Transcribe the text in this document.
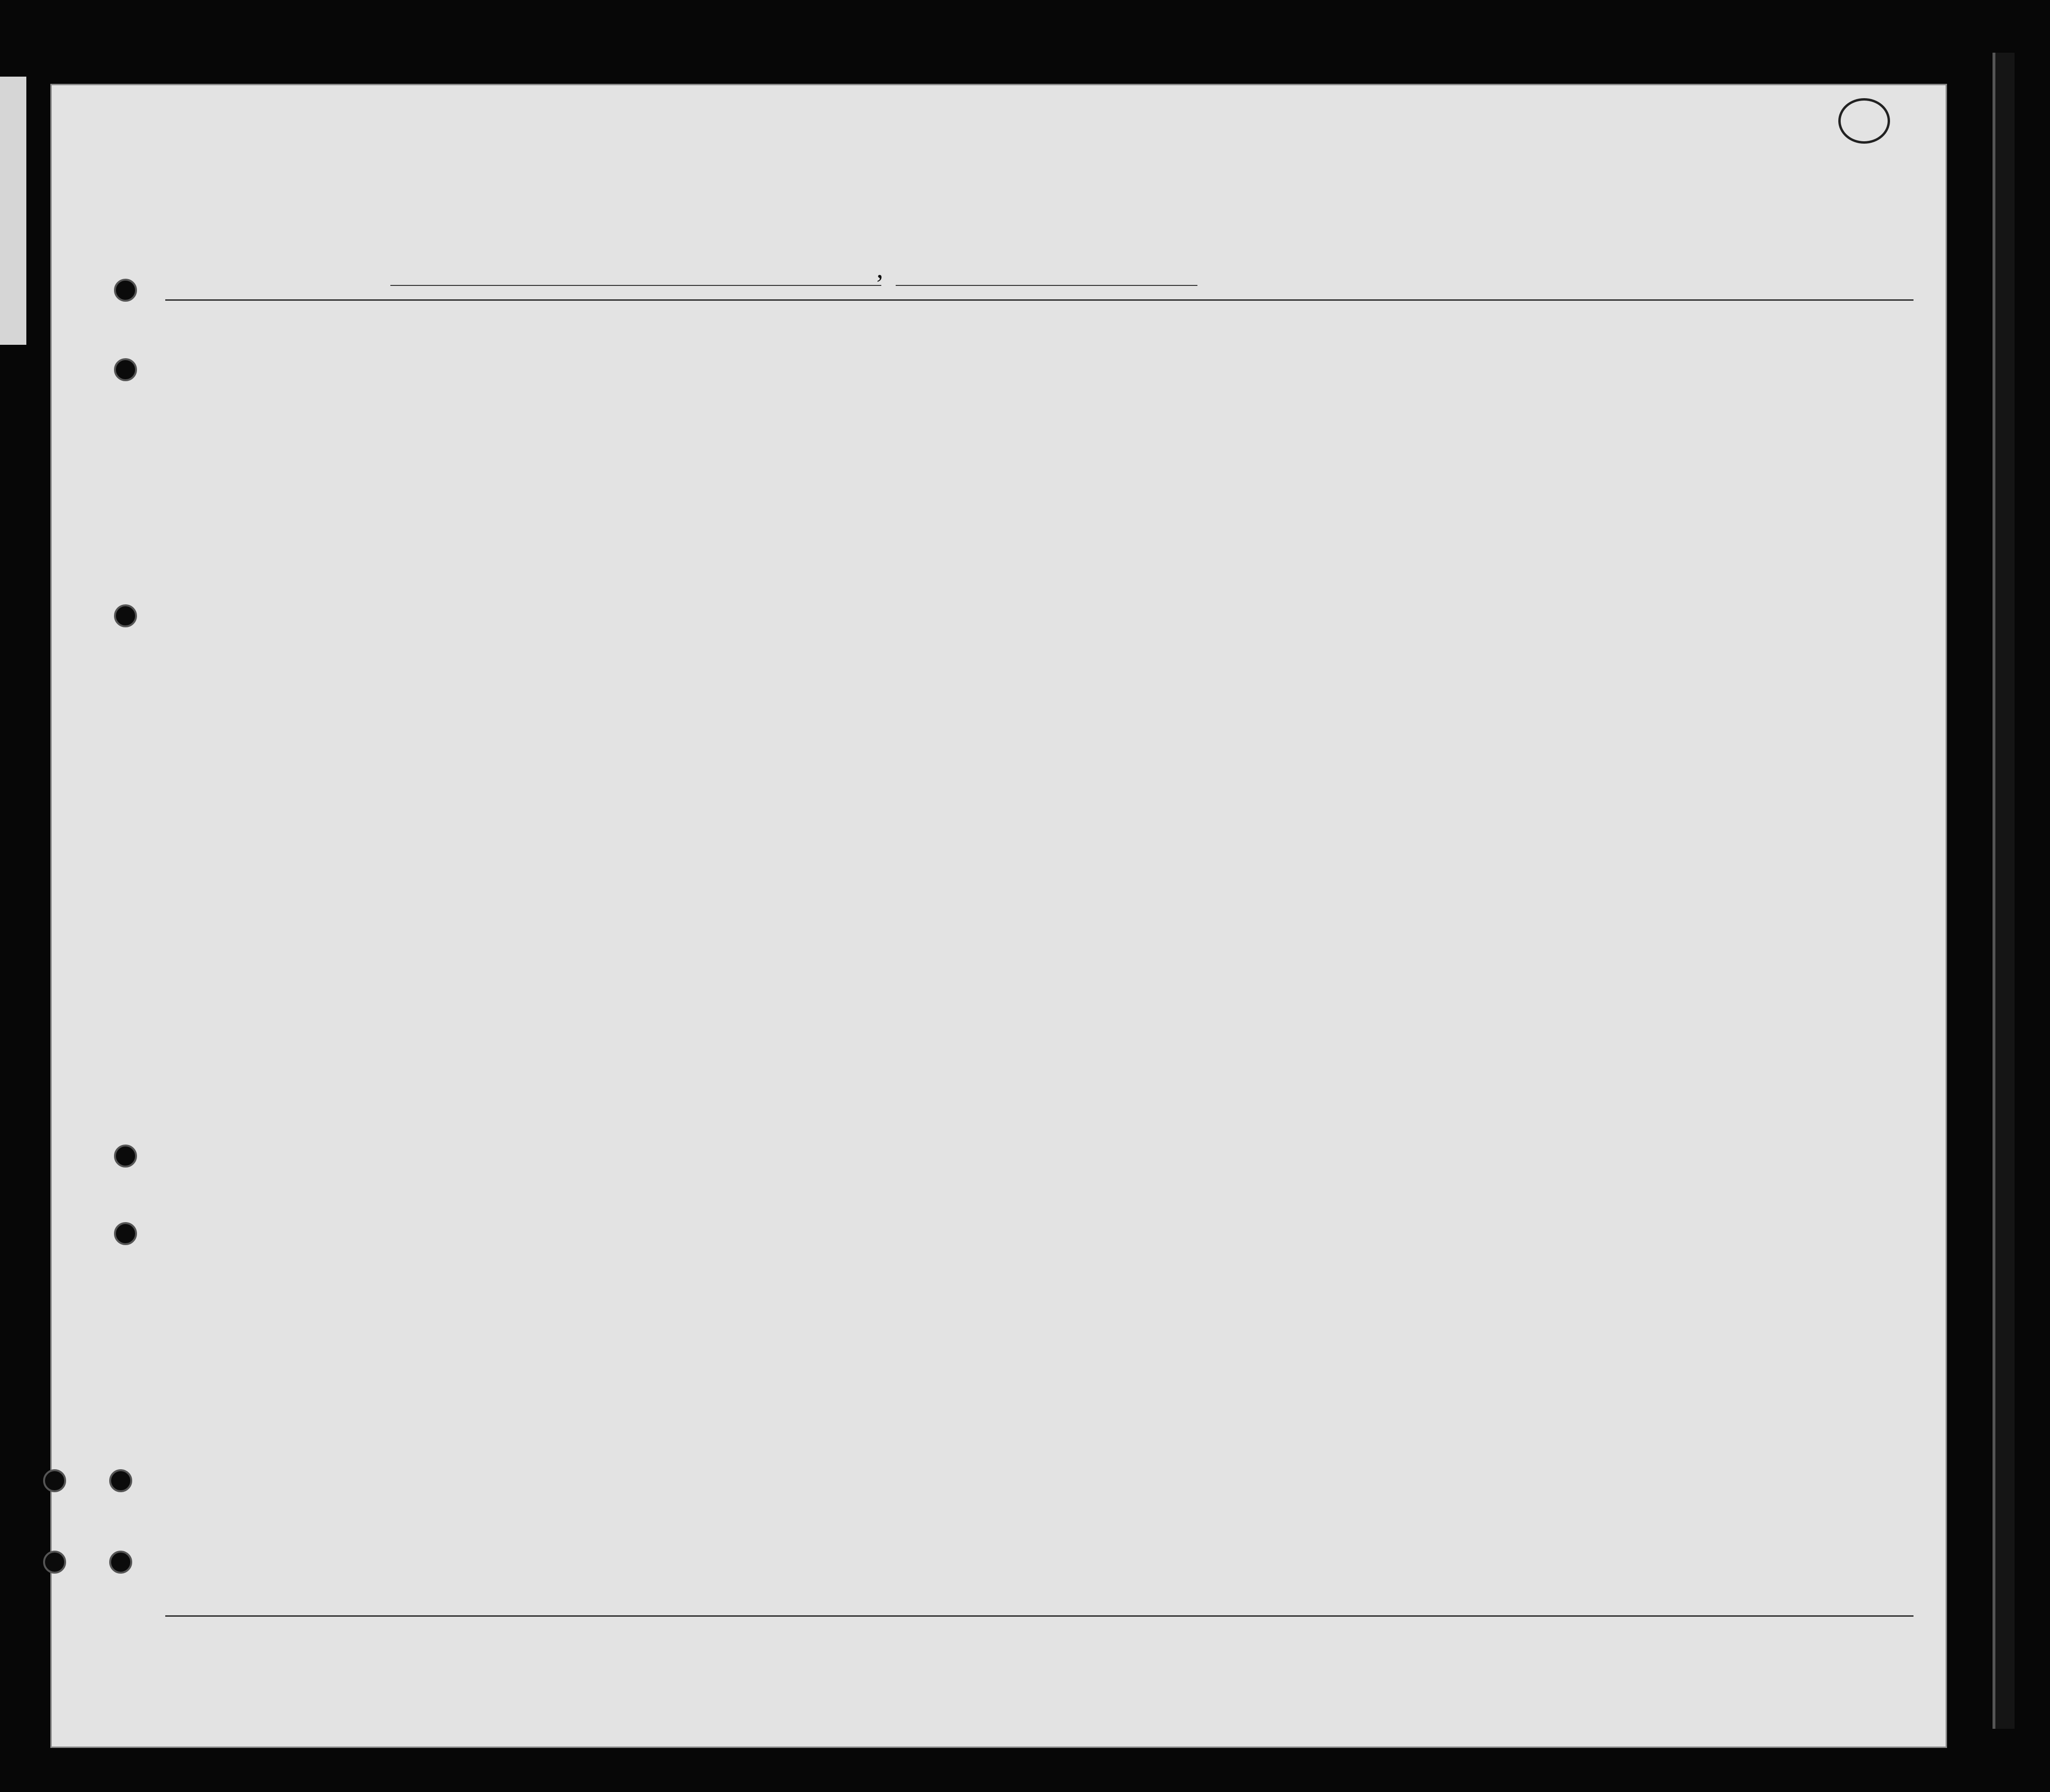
,
